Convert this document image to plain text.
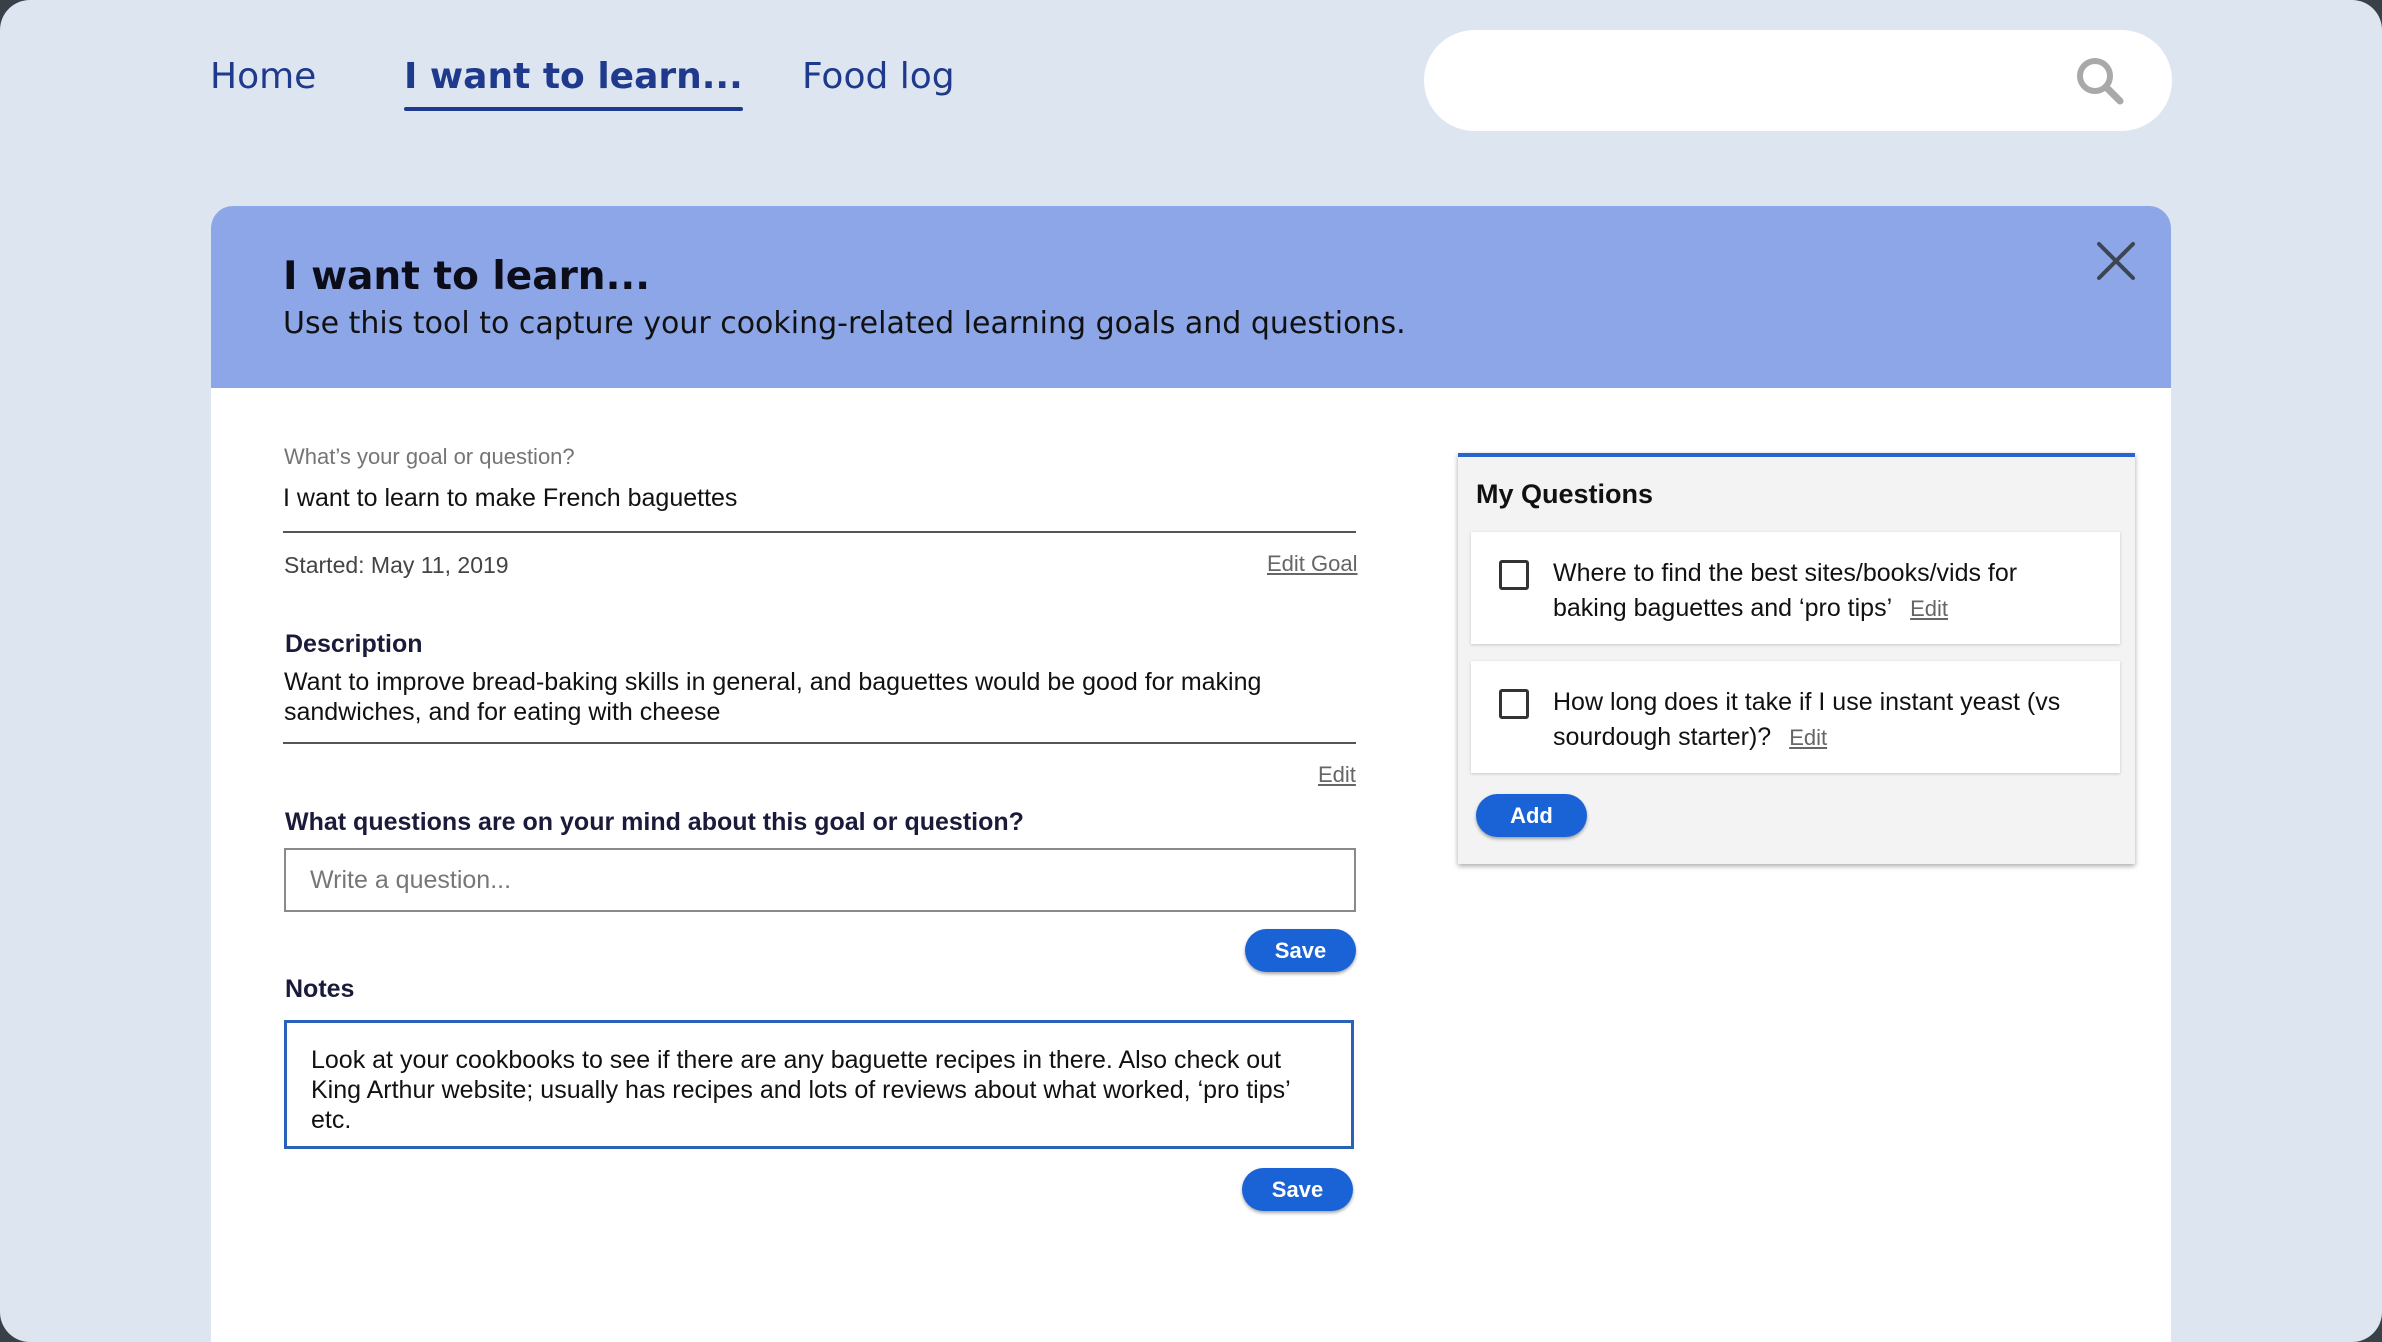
Home I want to learn... Food log
I want to learn...

Use this tool to capture your cooking-related learning goals and questions.

What’s your goal or question?
I want to learn to make French baguettes
Started: May 11, 2019	Edit Goal
Description
Want to improve bread-baking skills in general, and baguettes would be good for making sandwiches, and for eating with cheese
Edit
What questions are on your mind about this goal or question?
Write a question...
Save
Notes
Look at your cookbooks to see if there are any baguette recipes in there. Also check out King Arthur website; usually has recipes and lots of reviews about what worked, ‘pro tips’ etc.
Save
My Questions
Where to find the best sites/books/vids for baking baguettes and ‘pro tips’ Edit
How long does it take if I use instant yeast (vs sourdough starter)? Edit
Add
